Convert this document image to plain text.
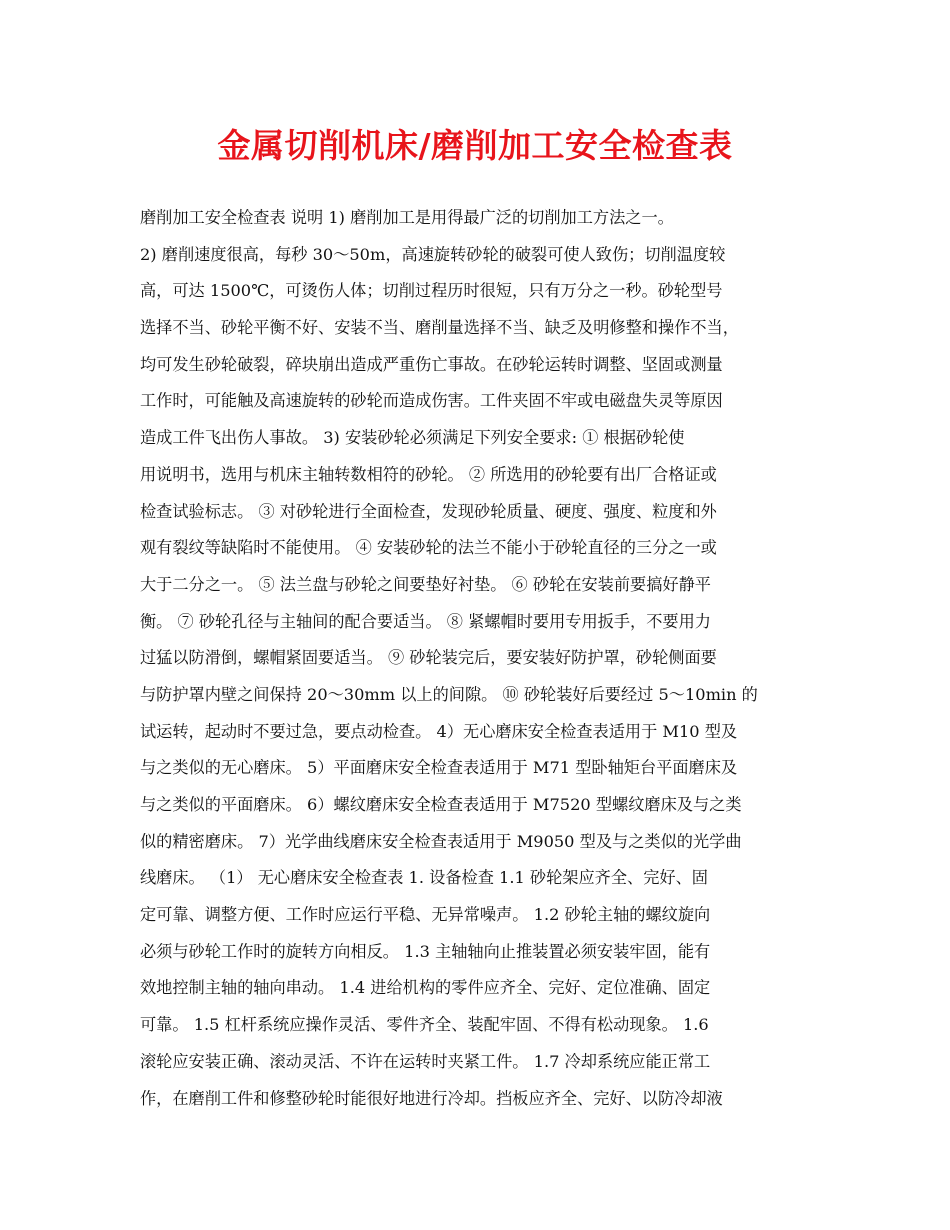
金属切削机床/磨削加工安全检查表
磨削加工安全检查表 说明 1) 磨削加工是用得最广泛的切削加工方法之一。
2) 磨削速度很高，每秒 30～50m，高速旋转砂轮的破裂可使人致伤；切削温度较
高，可达 1500℃，可烫伤人体；切削过程历时很短，只有万分之一秒。砂轮型号
选择不当、砂轮平衡不好、安装不当、磨削量选择不当、缺乏及明修整和操作不当，
均可发生砂轮破裂，碎块崩出造成严重伤亡事故。在砂轮运转时调整、坚固或测量
工作时，可能触及高速旋转的砂轮而造成伤害。工件夹固不牢或电磁盘失灵等原因
造成工件飞出伤人事故。 3) 安装砂轮必须满足下列安全要求: ① 根据砂轮使
用说明书，选用与机床主轴转数相符的砂轮。 ② 所选用的砂轮要有出厂合格证或
检查试验标志。 ③ 对砂轮进行全面检查，发现砂轮质量、硬度、强度、粒度和外
观有裂纹等缺陷时不能使用。 ④ 安装砂轮的法兰不能小于砂轮直径的三分之一或
大于二分之一。 ⑤ 法兰盘与砂轮之间要垫好衬垫。 ⑥ 砂轮在安装前要搞好静平
衡。 ⑦ 砂轮孔径与主轴间的配合要适当。 ⑧ 紧螺帽时要用专用扳手，不要用力
过猛以防滑倒，螺帽紧固要适当。 ⑨ 砂轮装完后，要安装好防护罩，砂轮侧面要
与防护罩内壁之间保持 20～30mm 以上的间隙。 ⑩ 砂轮装好后要经过 5～10min 的
试运转，起动时不要过急，要点动检查。 4）无心磨床安全检查表适用于 M10 型及
与之类似的无心磨床。 5）平面磨床安全检查表适用于 M71 型卧轴矩台平面磨床及
与之类似的平面磨床。 6）螺纹磨床安全检查表适用于 M7520 型螺纹磨床及与之类
似的精密磨床。 7）光学曲线磨床安全检查表适用于 M9050 型及与之类似的光学曲
线磨床。 （1） 无心磨床安全检查表 1. 设备检查 1.1 砂轮架应齐全、完好、固
定可靠、调整方便、工作时应运行平稳、无异常噪声。 1.2 砂轮主轴的螺纹旋向
必须与砂轮工作时的旋转方向相反。 1.3 主轴轴向止推装置必须安装牢固，能有
效地控制主轴的轴向串动。 1.4 进给机构的零件应齐全、完好、定位准确、固定
可靠。 1.5 杠杆系统应操作灵活、零件齐全、装配牢固、不得有松动现象。 1.6
滚轮应安装正确、滚动灵活、不许在运转时夹紧工件。 1.7 冷却系统应能正常工
作，在磨削工件和修整砂轮时能很好地进行冷却。挡板应齐全、完好、以防冷却液
